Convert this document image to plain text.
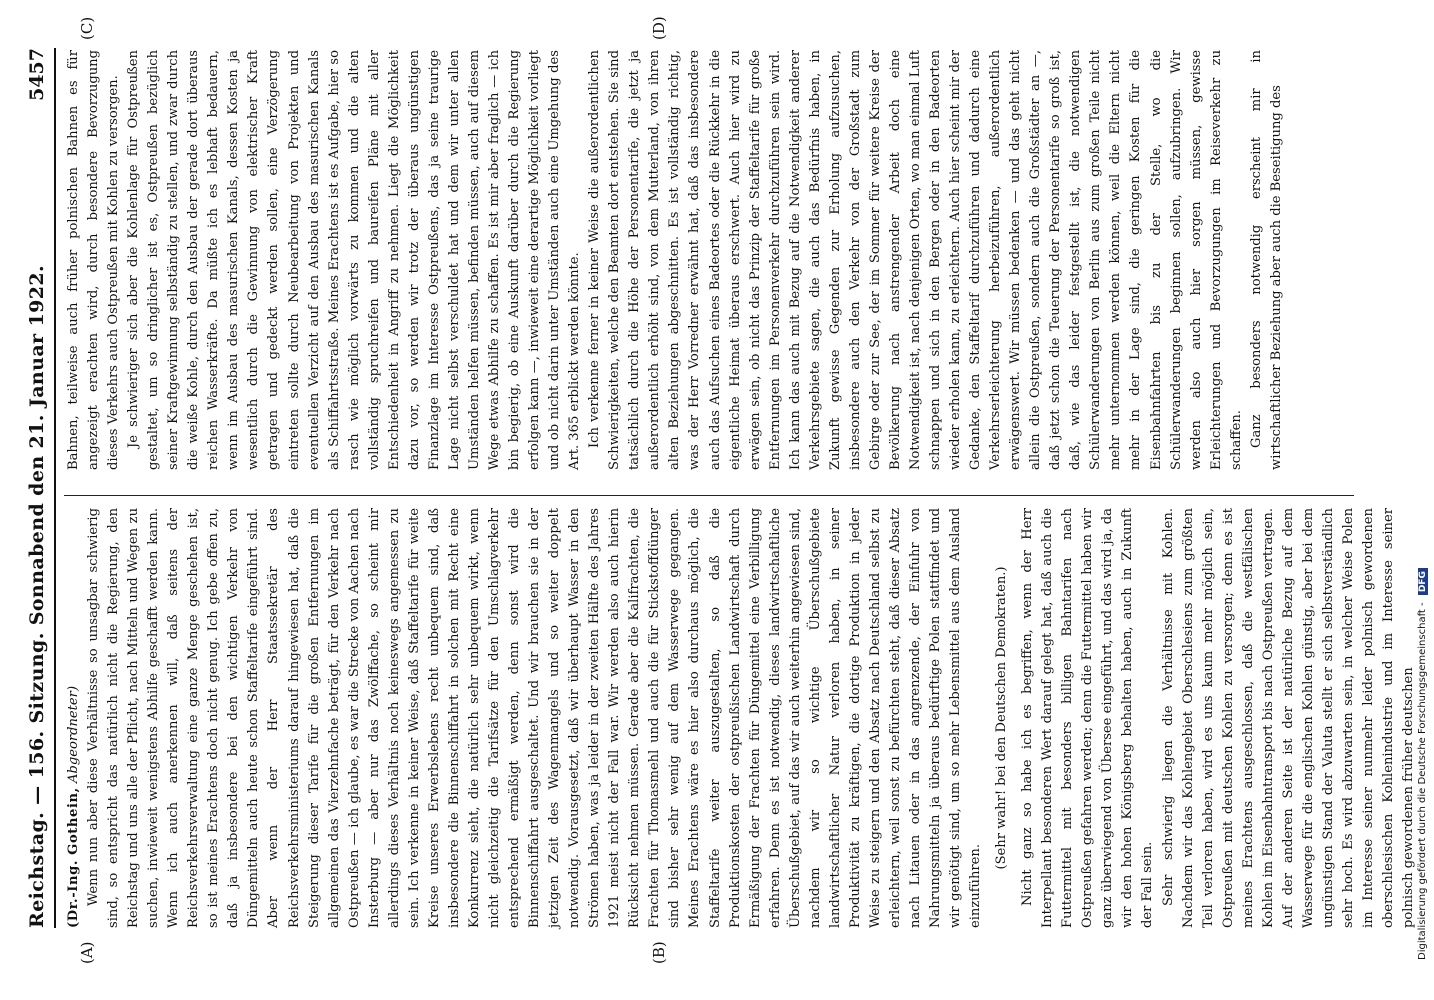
Reichstag. — 156. Sitzung. Sonnabend den 21. Januar 1922.
5457
(A)	(B)
(C)	(D)

(Dr.-Ing. Gothein, Abgeordneter) Wenn nun aber diese Verhältnisse so unsagbar schwierig sind, so entspricht das natürlich nicht die Regierung, den Reichstag und uns alle der Pflicht, nach Mitteln und Wegen zu suchen, inwieweit wenigstens Abhilfe geschafft werden kann. Wenn ich auch anerkennen will, daß seitens der Reichsverkehrsverwaltung eine ganze Menge geschehen ist, so ist meines Erachtens doch nicht genug. Ich gebe offen zu, daß ja insbesondere bei den wichtigen Verkehr von Düngemitteln auch heute schon Staffeltarife eingeführt sind. Aber wenn der Herr Staatssekretär des Reichsverkehrsministeriums darauf hingewiesen hat, daß die Steigerung dieser Tarife für die großen Entfernungen im allgemeinen das Vierzehnfache beträgt, für den Verkehr nach Ostpreußen — ich glaube, es war die Strecke von Aachen nach Insterburg — aber nur das Zwölffache, so scheint mir allerdings dieses Verhältnis noch keineswegs angemessen zu sein. Ich verkenne in keiner Weise, daß Staffeltarife für weite Kreise unseres Erwerbslebens recht unbequem sind, daß insbesondere die Binnenschiffahrt in solchen mit Recht eine Konkurrenz sieht, die natürlich sehr unbequem wirkt, wenn nicht gleichzeitig die Tarifsätze für den Umschlagverkehr entsprechend ermäßigt werden, denn sonst wird die Binnenschiffahrt ausgeschaltet. Und wir brauchen sie in der jetzigen Zeit des Wagenmangels und so weiter doppelt notwendig. Vorausgesetzt, daß wir überhaupt Wasser in den Strömen haben, was ja leider in der zweiten Hälfte des Jahres 1921 meist nicht der Fall war. Wir werden also auch hierin Rücksicht nehmen müssen. Gerade aber die Kalifrachten, die Frachten für Thomasmehl und auch die für Stickstoffdünger sind bisher sehr wenig auf dem Wasserwege gegangen. Meines Erachtens wäre es hier also durchaus möglich, die Staffeltarife weiter auszugestalten, so daß die Produktionskosten der ostpreußischen Landwirtschaft durch Ermäßigung der Frachten für Düngemittel eine Verbilligung erfahren. Denn es ist notwendig, dieses landwirtschaftliche Überschußgebiet, auf das wir auch weiterhin angewiesen sind, nachdem wir so wichtige Überschußgebiete landwirtschaftlicher Natur verloren haben, in seiner Produktivität zu kräftigen, die dortige Produktion in jeder Weise zu steigern und den Absatz nach Deutschland selbst zu erleichtern, weil sonst zu befürchten steht, daß dieser Absatz nach Litauen oder in das angrenzende, der Einfuhr von Nahrungsmitteln ja überaus bedürftige Polen stattfindet und wir genötigt sind, um so mehr Lebensmittel aus dem Ausland einzuführen.

(Sehr wahr! bei den Deutschen Demokraten.) Nicht ganz so habe ich es begriffen, wenn der Herr Interpellant besonderen Wert darauf gelegt hat, daß auch die Futtermittel mit besonders billigen Bahntarifen nach Ostpreußen gefahren werden; denn die Futtermittel haben wir ganz überwiegend von Übersee eingeführt, und das wird ja, da wir den hohen Königsberg behalten haben, auch in Zukunft der Fall sein. Sehr schwierig liegen die Verhältnisse mit Kohlen. Nachdem wir das Kohlengebiet Oberschlesiens zum größten Teil verloren haben, wird es uns kaum mehr möglich sein, Ostpreußen mit deutschen Kohlen zu versorgen; denn es ist meines Erachtens ausgeschlossen, daß die westfälischen Kohlen im Eisenbahntransport bis nach Ostpreußen vertragen. Auf der anderen Seite ist der natürliche Bezug auf dem Wasserwege für die englischen Kohlen günstig, aber bei dem ungünstigen Stand der Valuta stellt er sich selbstverständlich sehr hoch. Es wird abzuwarten sein, in welcher Weise Polen im Interesse seiner nunmehr leider polnisch gewordenen oberschlesischen Kohlenindustrie und im Interesse seiner polnisch gewordenen früher deutschen

Bahnen, teilweise auch früher polnischen Bahnen es für angezeigt erachten wird, durch besondere Bevorzugung dieses Verkehrs auch Ostpreußen mit Kohlen zu versorgen. Je schwieriger sich aber die Kohlenlage für Ostpreußen gestaltet, um so dringlicher ist es, Ostpreußen bezüglich seiner Kraftgewinnung selbständig zu stellen, und zwar durch die weiße Kohle, durch den Ausbau der gerade dort überaus reichen Wasserkräfte. Da müßte ich es lebhaft bedauern, wenn im Ausbau des masurischen Kanals, dessen Kosten ja wesentlich durch die Gewinnung von elektrischer Kraft getragen und gedeckt werden sollen, eine Verzögerung eintreten sollte durch Neubearbeitung von Projekten und eventuellen Verzicht auf den Ausbau des masurischen Kanals als Schiffahrtsstraße. Meines Erachtens ist es Aufgabe, hier so rasch wie möglich vorwärts zu kommen und die alten vollständig spruchreifen und baureifen Pläne mit aller Entschiedenheit in Angriff zu nehmen. Liegt die Möglichkeit dazu vor, so werden wir trotz der überaus ungünstigen Finanzlage im Interesse Ostpreußens, das ja seine traurige Lage nicht selbst verschuldet hat und dem wir unter allen Umständen helfen müssen, befinden müssen, auch auf diesem Wege etwas Abhilfe zu schaffen. Es ist mir aber fraglich — ich bin begierig, ob eine Auskunft darüber durch die Regierung erfolgen kann —, inwieweit eine derartige Möglichkeit vorliegt und ob nicht darin unter Umständen auch eine Umgehung des Art. 365 erblickt werden könnte. Ich verkenne ferner in keiner Weise die außerordentlichen Schwierigkeiten, welche den Beamten dort entstehen. Sie sind tatsächlich durch die Höhe der Personentarife, die jetzt ja außerordentlich erhöht sind, von dem Mutterland, von ihren alten Beziehungen abgeschnitten. Es ist vollständig richtig, was der Herr Vorredner erwähnt hat, daß das insbesondere auch das Aufsuchen eines Badeortes oder die Rückkehr in die eigentliche Heimat überaus erschwert. Auch hier wird zu erwägen sein, ob nicht das Prinzip der Staffeltarife für große Entfernungen im Personenverkehr durchzuführen sein wird. Ich kann das auch mit Bezug auf die Notwendigkeit anderer Verkehrsgebiete sagen, die auch das Bedürfnis haben, in Zukunft gewisse Gegenden zur Erholung aufzusuchen, insbesondere auch den Verkehr von der Großstadt zum Gebirge oder zur See, der im Sommer für weitere Kreise der Bevölkerung nach anstrengender Arbeit doch eine Notwendigkeit ist, nach denjenigen Orten, wo man einmal Luft schnappen und sich in den Bergen oder in den Badeorten wieder erholen kann, zu erleichtern. Auch hier scheint mir der Gedanke, den Staffeltarif durchzuführen und dadurch eine Verkehrserleichterung herbeizuführen, außerordentlich erwägenswert. Wir müssen bedenken — und das geht nicht allein die Ostpreußen, sondern auch die Großstädter an —, daß jetzt schon die Teuerung der Personentarife so groß ist, daß, wie das leider festgestellt ist, die notwendigen Schülerwanderungen von Berlin aus zum großen Teile nicht mehr unternommen werden können, weil die Eltern nicht mehr in der Lage sind, die geringen Kosten für die Eisenbahnfahrten bis zu der Stelle, wo die Schülerwanderungen beginnen sollen, aufzubringen. Wir werden also auch hier sorgen müssen, gewisse Erleichterungen und Bevorzugungen im Reiseverkehr zu schaffen. Ganz besonders notwendig erscheint mir in wirtschaftlicher Beziehung aber auch die Beseitigung des

Digitalisierung gefördert durch die Deutsche Forschungsgemeinschaft - DFG
